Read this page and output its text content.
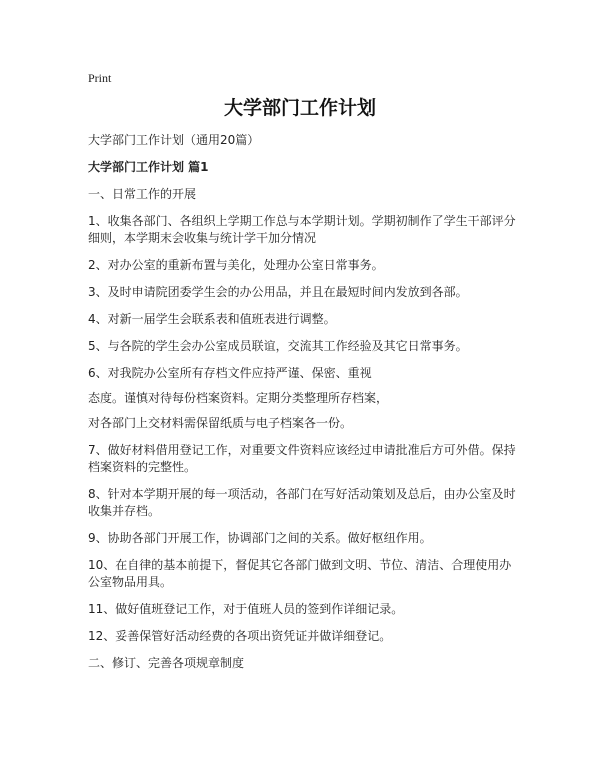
Print
大学部门工作计划

大学部门工作计划（通用20篇）

大学部门工作计划 篇1

一、日常工作的开展

1、收集各部门、各组织上学期工作总与本学期计划。学期初制作了学生干部评分细则，本学期末会收集与统计学干加分情况

2、对办公室的重新布置与美化，处理办公室日常事务。

3、及时申请院团委学生会的办公用品，并且在最短时间内发放到各部。

4、对新一届学生会联系表和值班表进行调整。

5、与各院的学生会办公室成员联谊，交流其工作经验及其它日常事务。

6、对我院办公室所有存档文件应持严谨、保密、重视

态度。谨慎对待每份档案资料。定期分类整理所存档案，

对各部门上交材料需保留纸质与电子档案各一份。

7、做好材料借用登记工作，对重要文件资料应该经过申请批准后方可外借。保持档案资料的完整性。

8、针对本学期开展的每一项活动，各部门在写好活动策划及总后，由办公室及时收集并存档。

9、协助各部门开展工作，协调部门之间的关系。做好枢纽作用。

10、在自律的基本前提下，督促其它各部门做到文明、节位、清洁、合理使用办公室物品用具。

11、做好值班登记工作，对于值班人员的签到作详细记录。

12、妥善保管好活动经费的各项出资凭证并做详细登记。

二、修订、完善各项规章制度
